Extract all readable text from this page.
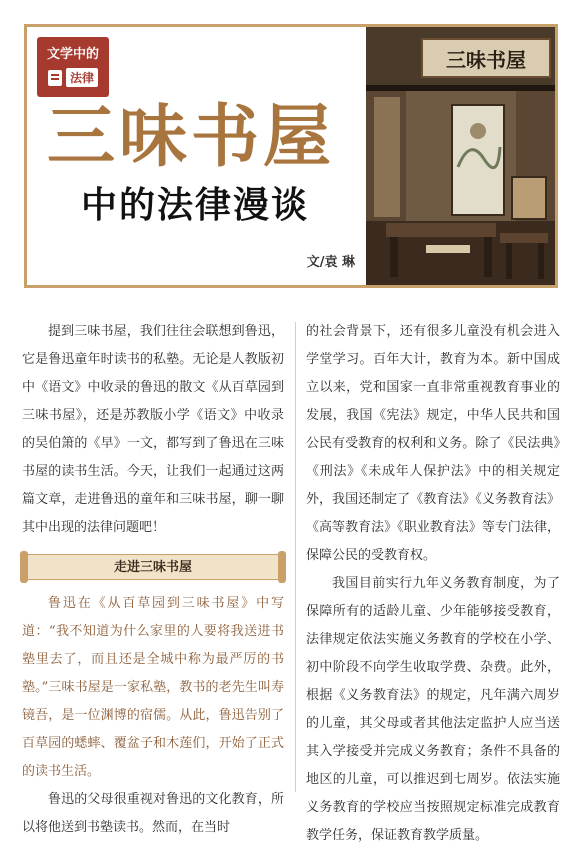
三味书屋
中的法律漫谈
文/袁 琳
三味书屋
文学中的
法律

提到三味书屋，我们往往会联想到鲁迅，它是鲁迅童年时读书的私塾。无论是人教版初中《语文》中收录的鲁迅的散文《从百草园到三味书屋》，还是苏教版小学《语文》中收录的吴伯箫的《早》一文，都写到了鲁迅在三味书屋的读书生活。今天，让我们一起通过这两篇文章，走进鲁迅的童年和三味书屋，聊一聊其中出现的法律问题吧！

走进三味书屋

鲁迅在《从百草园到三味书屋》中写道：“我不知道为什么家里的人要将我送进书塾里去了，而且还是全城中称为最严厉的书塾。”三味书屋是一家私塾，教书的老先生叫寿镜吾，是一位渊博的宿儒。从此，鲁迅告别了百草园的蟋蟀、覆盆子和木莲们，开始了正式的读书生活。

鲁迅的父母很重视对鲁迅的文化教育，所以将他送到书塾读书。然而，在当时

的社会背景下，还有很多儿童没有机会进入学堂学习。百年大计，教育为本。新中国成立以来，党和国家一直非常重视教育事业的发展，我国《宪法》规定，中华人民共和国公民有受教育的权利和义务。除了《民法典》《刑法》《未成年人保护法》中的相关规定外，我国还制定了《教育法》《义务教育法》《高等教育法》《职业教育法》等专门法律，保障公民的受教育权。

我国目前实行九年义务教育制度，为了保障所有的适龄儿童、少年能够接受教育，法律规定依法实施义务教育的学校在小学、初中阶段不向学生收取学费、杂费。此外，根据《义务教育法》的规定，凡年满六周岁的儿童，其父母或者其他法定监护人应当送其入学接受并完成义务教育；条件不具备的地区的儿童，可以推迟到七周岁。依法实施义务教育的学校应当按照规定标准完成教育教学任务，保证教育教学质量。
